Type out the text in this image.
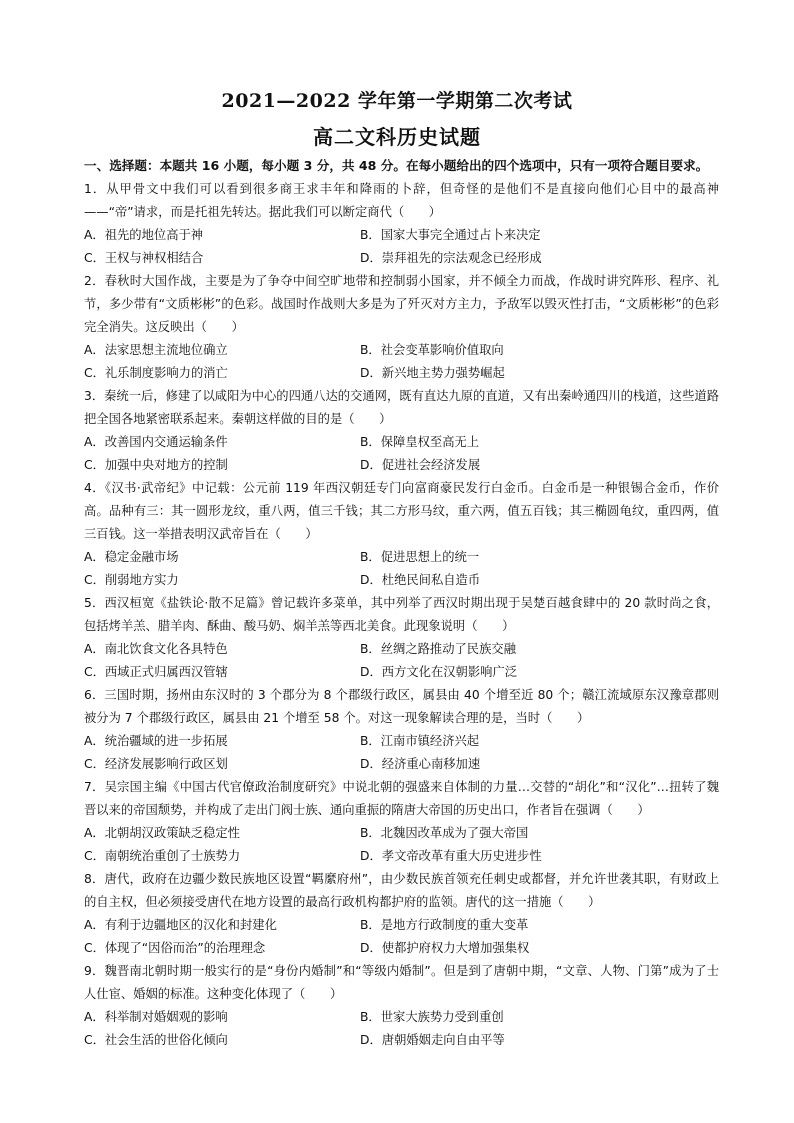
2021—2022 学年第一学期第二次考试
高二文科历史试题
一、选择题：本题共 16 小题，每小题 3 分，共 48 分。在每小题给出的四个选项中，只有一项符合题目要求。
1．从甲骨文中我们可以看到很多商王求丰年和降雨的卜辞，但奇怪的是他们不是直接向他们心目中的最高神——“帝”请求，而是托祖先转达。据此我们可以断定商代（　　）
A．祖先的地位高于神	B．国家大事完全通过占卜来决定
C．王权与神权相结合	D．崇拜祖先的宗法观念已经形成
2．春秋时大国作战，主要是为了争夺中间空旷地带和控制弱小国家，并不倾全力而战，作战时讲究阵形、程序、礼节，多少带有“文质彬彬”的色彩。战国时作战则大多是为了歼灭对方主力，予敌军以毁灭性打击，“文质彬彬”的色彩完全消失。这反映出（　　）
A．法家思想主流地位确立	B．社会变革影响价值取向
C．礼乐制度影响力的消亡	D．新兴地主势力强势崛起
3．秦统一后，修建了以咸阳为中心的四通八达的交通网，既有直达九原的直道，又有出秦岭通四川的栈道，这些道路把全国各地紧密联系起来。秦朝这样做的目的是（　　）
A．改善国内交通运输条件	B．保障皇权至高无上
C．加强中央对地方的控制	D．促进社会经济发展
4．《汉书·武帝纪》中记载：公元前 119 年西汉朝廷专门向富商豪民发行白金币。白金币是一种银锡合金币，作价高。品种有三：其一圆形龙纹，重八两，值三千钱；其二方形马纹，重六两，值五百钱；其三椭圆龟纹，重四两，值三百钱。这一举措表明汉武帝旨在（　　）
A．稳定金融市场	B．促进思想上的统一
C．削弱地方实力	D．杜绝民间私自造币
5．西汉桓宽《盐铁论·散不足篇》曾记载许多菜单，其中列举了西汉时期出现于吴楚百越食肆中的 20 款时尚之食，包括烤羊羔、腊羊肉、酥曲、酸马奶、焖羊羔等西北美食。此现象说明（　　）
A．南北饮食文化各具特色	B．丝绸之路推动了民族交融
C．西域正式归属西汉管辖	D．西方文化在汉朝影响广泛
6．三国时期，扬州由东汉时的 3 个郡分为 8 个郡级行政区，属县由 40 个增至近 80 个；赣江流域原东汉豫章郡则被分为 7 个郡级行政区，属县由 21 个增至 58 个。对这一现象解读合理的是，当时（　　）
A．统治疆域的进一步拓展	B．江南市镇经济兴起
C．经济发展影响行政区划	D．经济重心南移加速
7．吴宗国主编《中国古代官僚政治制度研究》中说北朝的强盛来自体制的力量…交替的“胡化”和“汉化”…扭转了魏晋以来的帝国颓势，并构成了走出门阀士族、通向重振的隋唐大帝国的历史出口，作者旨在强调（　　）
A．北朝胡汉政策缺乏稳定性	B．北魏因改革成为了强大帝国
C．南朝统治重创了士族势力	D．孝文帝改革有重大历史进步性
8．唐代，政府在边疆少数民族地区设置“羁縻府州”，由少数民族首领充任刺史或都督，并允许世袭其职，有财政上的自主权，但必须接受唐代在地方设置的最高行政机构都护府的监领。唐代的这一措施（　　）
A．有利于边疆地区的汉化和封建化	B．是地方行政制度的重大变革
C．体现了“因俗而治”的治理理念	D．使都护府权力大增加强集权
9．魏晋南北朝时期一般实行的是“身份内婚制”和“等级内婚制”。但是到了唐朝中期，“文章、人物、门第”成为了士人仕宦、婚姻的标准。这种变化体现了（　　）
A．科举制对婚姻观的影响	B．世家大族势力受到重创
C．社会生活的世俗化倾向	D．唐朝婚姻走向自由平等
